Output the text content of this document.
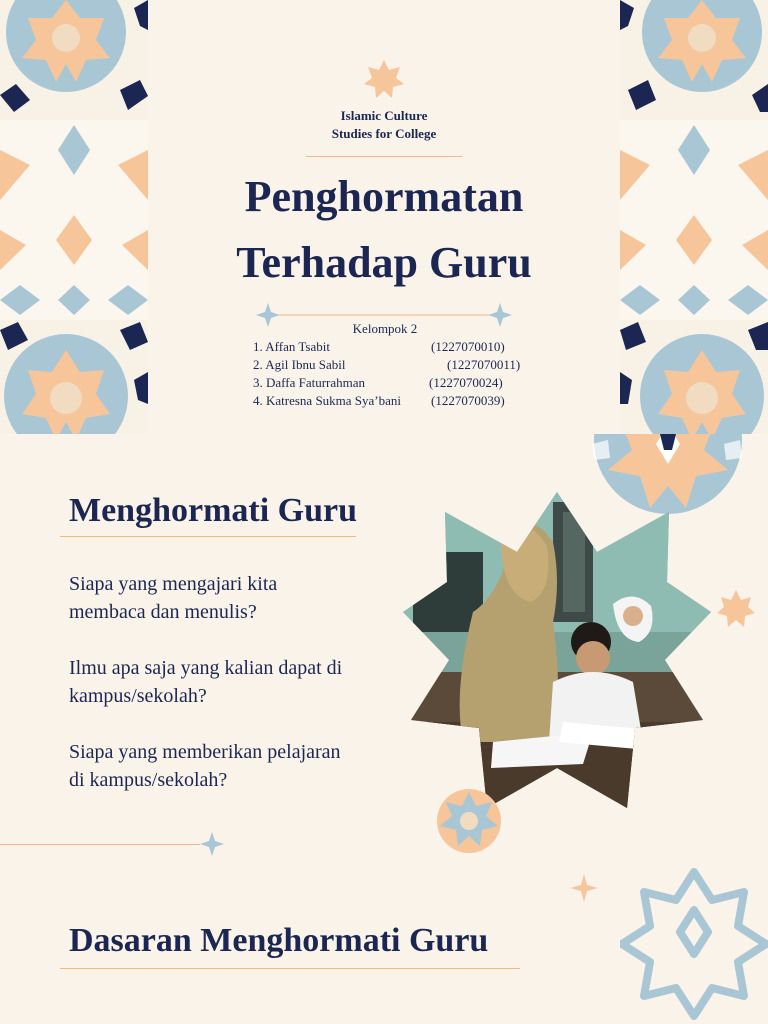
Islamic Culture
Studies for College
Penghormatan
Terhadap Guru
Kelompok 2
1. Affan Tsabit	(1227070010)
2. Agil Ibnu Sabil	(1227070011)
3. Daffa Faturrahman	(1227070024)
4. Katresna Sukma Sya’bani (1227070039)
Menghormati Guru
Siapa yang mengajari kita
membaca dan menulis?
Ilmu apa saja yang kalian dapat di
kampus/sekolah?
Siapa yang memberikan pelajaran
di kampus/sekolah?
Dasaran Menghormati Guru
